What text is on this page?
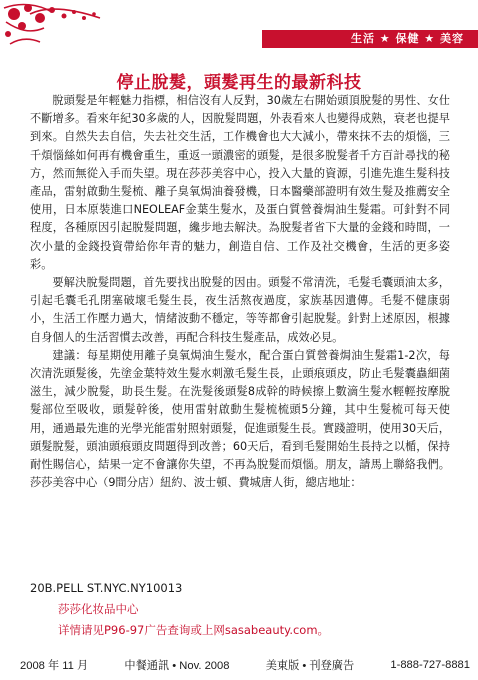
生活 ★ 保健 ★ 美容
停止脫髮，頭髮再生的最新科技

脫頭髮是年輕魅力指標，相信沒有人反對，30歲左右開始頭頂脫髮的男性、女仕不斷增多。看來年紀30多歲的人，因脫髮問題，外表看來人也變得成熟，衰老也提早到來。自然失去自信，失去社交生活，工作機會也大大減小，帶來抹不去的煩惱，三千煩惱絲如何再有機會重生，重返一頭濃密的頭髮，是很多脫髮者千方百計尋找的秘方，然而無從入手而失望。現在莎莎美容中心，投入大量的資源，引進先進生髮科技產品，雷射啟動生髮梳、離子臭氧焗油養發機，日本醫藥部證明有效生髮及推薦安全使用，日本原裝進口NEOLEAF金葉生髮水，及蛋白質營養焗油生髮霜。可針對不同程度，各種原因引起脫髮問題，纔步地去解決。為脫髮者省下大量的金錢和時間，一次小量的金錢投資帶給你年青的魅力，創造自信、工作及社交機會，生活的更多姿彩。

要解決脫髮問題，首先要找出脫髮的因由。頭髮不常清洗，毛髮毛囊頭油太多，引起毛囊毛孔閉塞破壞毛髮生長，夜生活熬夜過度，家族基因遺傳。毛髮不健康弱小，生活工作壓力過大，情緒波動不穩定，等等都會引起脫髮。針對上述原因，根據自身個人的生活習慣去改善，再配合科技生髮產品，成效必見。

建議：每星期使用離子臭氧焗油生髮水，配合蛋白質營養焗油生髮霜1-2次，每次清洗頭髮後，先塗金葉特效生髮水刺激毛髮生長，止頭痕頭皮，防止毛髮囊蟲細菌滋生，減少脫髮，助長生髮。在洗髮後頭髮8成幹的時候擦上數滴生髮水輕輕按摩脫髮部位至吸收，頭髮幹後，使用雷射啟動生髮梳梳頭5分鐘，其中生髮梳可每天使用，通過最先進的光學光能雷射照射頭髮，促進頭髮生長。實踐證明，使用30天后，頭髮脫髮，頭油頭痕頭皮問題得到改善；60天后，看到毛髮開始生長持之以楯，保持耐性賜信心，結果一定不會讓你失望，不再為脫髮而煩惱。朋友，請馬上聯絡我們。莎莎美容中心（9間分店）紐約、波士頓、費城唐人街，總店地址：

20B.PELL ST.NYC.NY10013
莎莎化妆品中心
详情请见P96-97广告查询或上网sasabeauty.com。
2008 年 11 月	中餐通訊 • Nov. 2008	美東版 • 刊登廣告	1-888-727-8881
